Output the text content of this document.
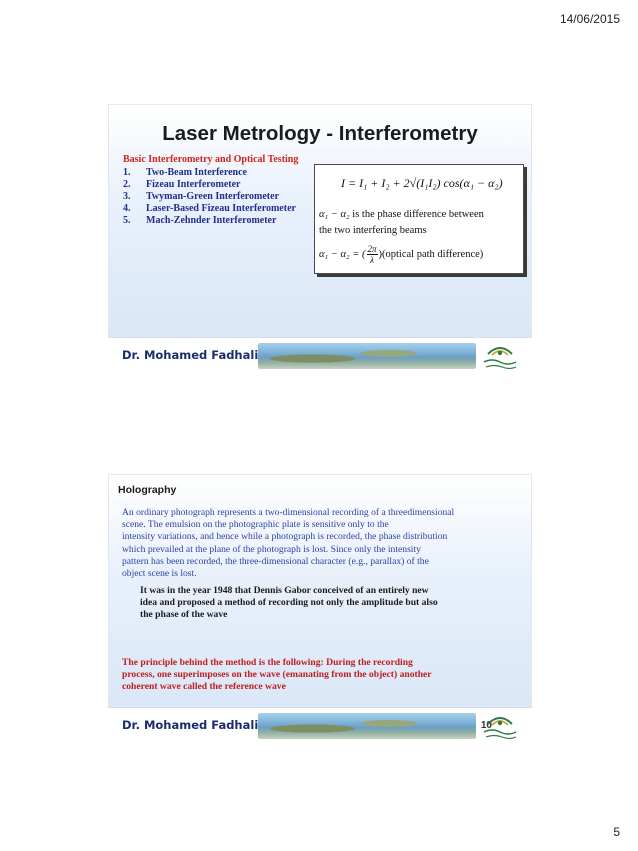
14/06/2015
Laser Metrology - Interferometry
Basic Interferometry and Optical Testing
1. Two-Beam Interference
2. Fizeau Interferometer
3. Twyman-Green Interferometer
4. Laser-Based Fizeau Interferometer
5. Mach-Zehnder Interferometer
I = I₁ + I₂ + 2√(I₁I₂) cos(α₁ − α₂)
α₁ − α₂ is the phase difference between
the two interfering beams
α₁ − α₂ = ( $\frac{2\pi}{\lambda}$ )(optical path difference)
Dr. Mohamed Fadhali
Holography

An ordinary photograph represents a two-dimensional recording of a threedimensional
scene. The emulsion on the photographic plate is sensitive only to the
intensity variations, and hence while a photograph is recorded, the phase distribution
which prevailed at the plane of the photograph is lost. Since only the intensity
pattern has been recorded, the three-dimensional character (e.g., parallax) of the
object scene is lost.

It was in the year 1948 that Dennis Gabor conceived of an entirely new
idea and proposed a method of recording not only the amplitude but also
the phase of the wave

The principle behind the method is the following: During the recording
process, one superimposes on the wave (emanating from the object) another
coherent wave called the reference wave

Dr. Mohamed Fadhali	10
5
